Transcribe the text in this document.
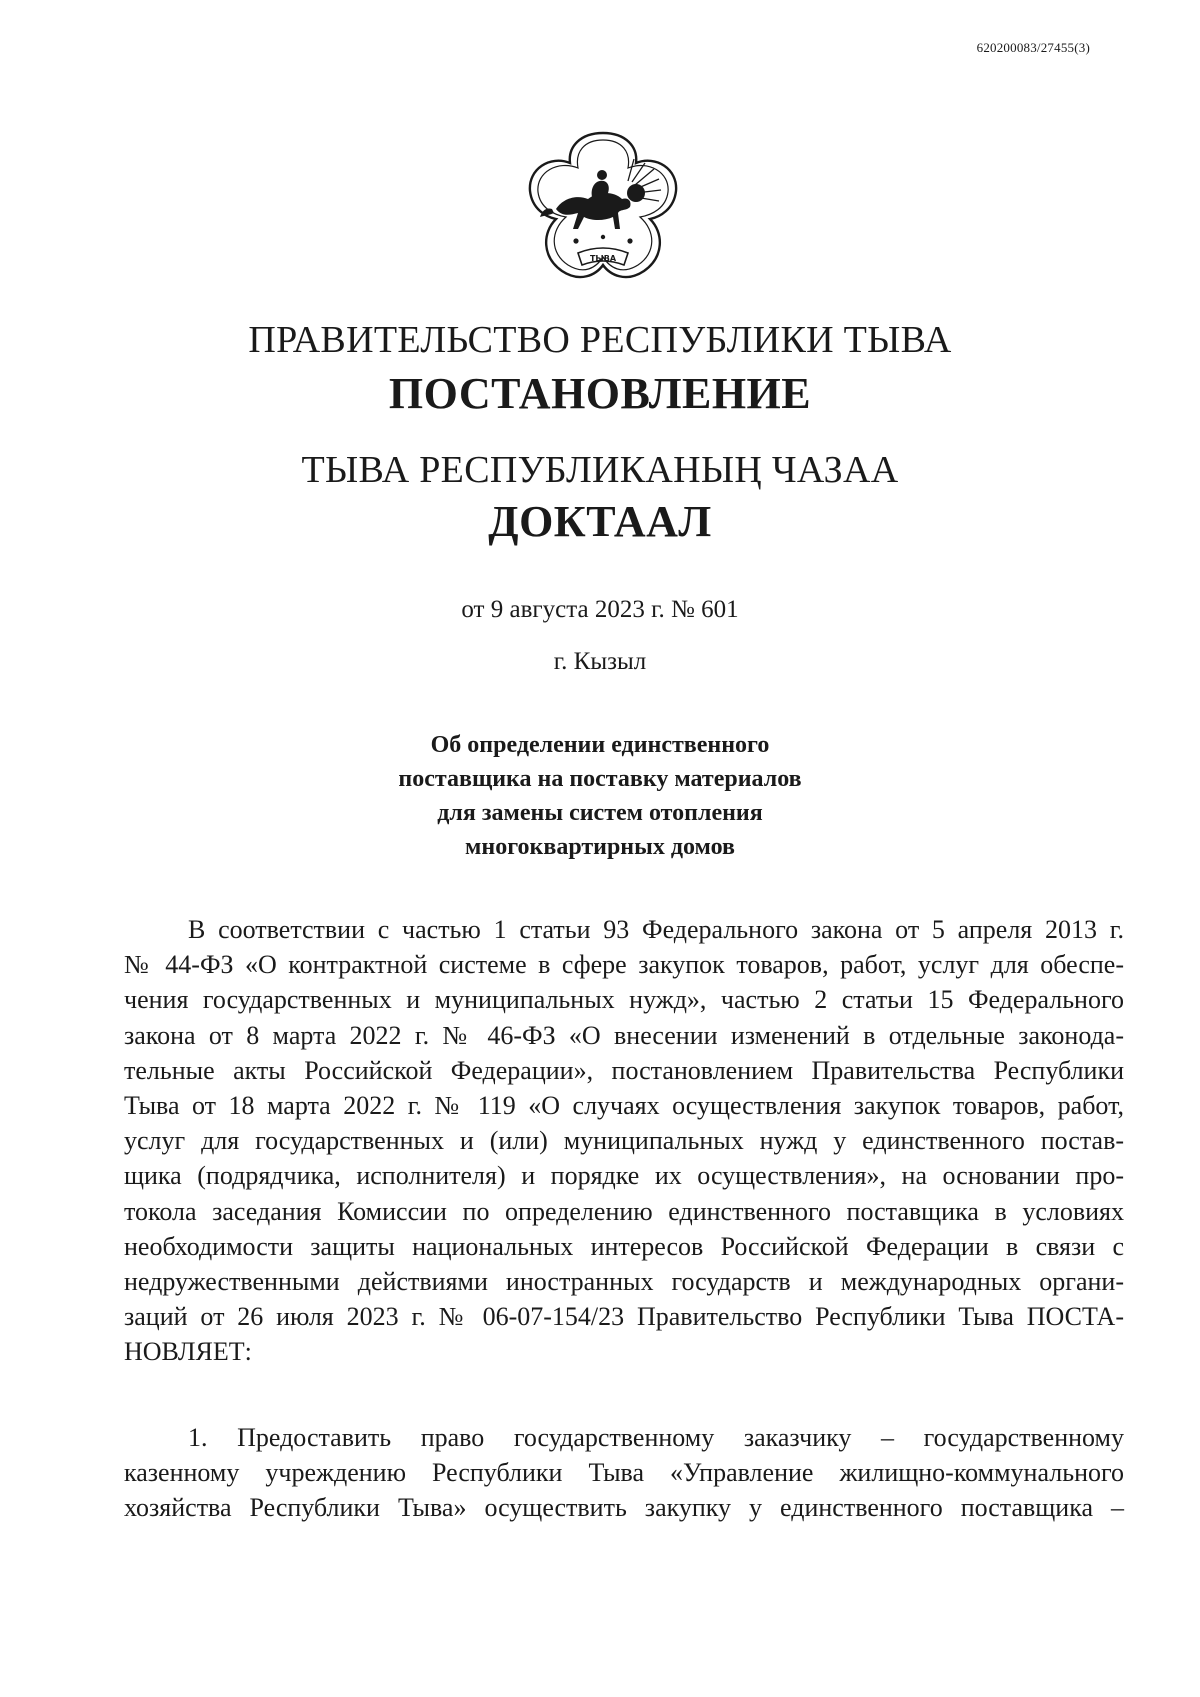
620200083/27455(3)
ТЫВА
ПРАВИТЕЛЬСТВО РЕСПУБЛИКИ ТЫВА
ПОСТАНОВЛЕНИЕ
ТЫВА РЕСПУБЛИКАНЫҢ ЧАЗАА
ДОКТААЛ
от 9 августа 2023 г. № 601
г. Кызыл
Об определении единственного
поставщика на поставку материалов
для замены систем отопления
многоквартирных домов
В соответствии с частью 1 статьи 93 Федерального закона от 5 апреля 2013 г.
№ 44-ФЗ «О контрактной системе в сфере закупок товаров, работ, услуг для обеспе-
чения государственных и муниципальных нужд», частью 2 статьи 15 Федерального
закона от 8 марта 2022 г. № 46-ФЗ «О внесении изменений в отдельные законода-
тельные акты Российской Федерации», постановлением Правительства Республики
Тыва от 18 марта 2022 г. № 119 «О случаях осуществления закупок товаров, работ,
услуг для государственных и (или) муниципальных нужд у единственного постав-
щика (подрядчика, исполнителя) и порядке их осуществления», на основании про-
токола заседания Комиссии по определению единственного поставщика в условиях
необходимости защиты национальных интересов Российской Федерации в связи с
недружественными действиями иностранных государств и международных органи-
заций от 26 июля 2023 г. № 06-07-154/23 Правительство Республики Тыва ПОСТА-
НОВЛЯЕТ:
1. Предоставить право государственному заказчику – государственному
казенному учреждению Республики Тыва «Управление жилищно-коммунального
хозяйства Республики Тыва» осуществить закупку у единственного поставщика –
